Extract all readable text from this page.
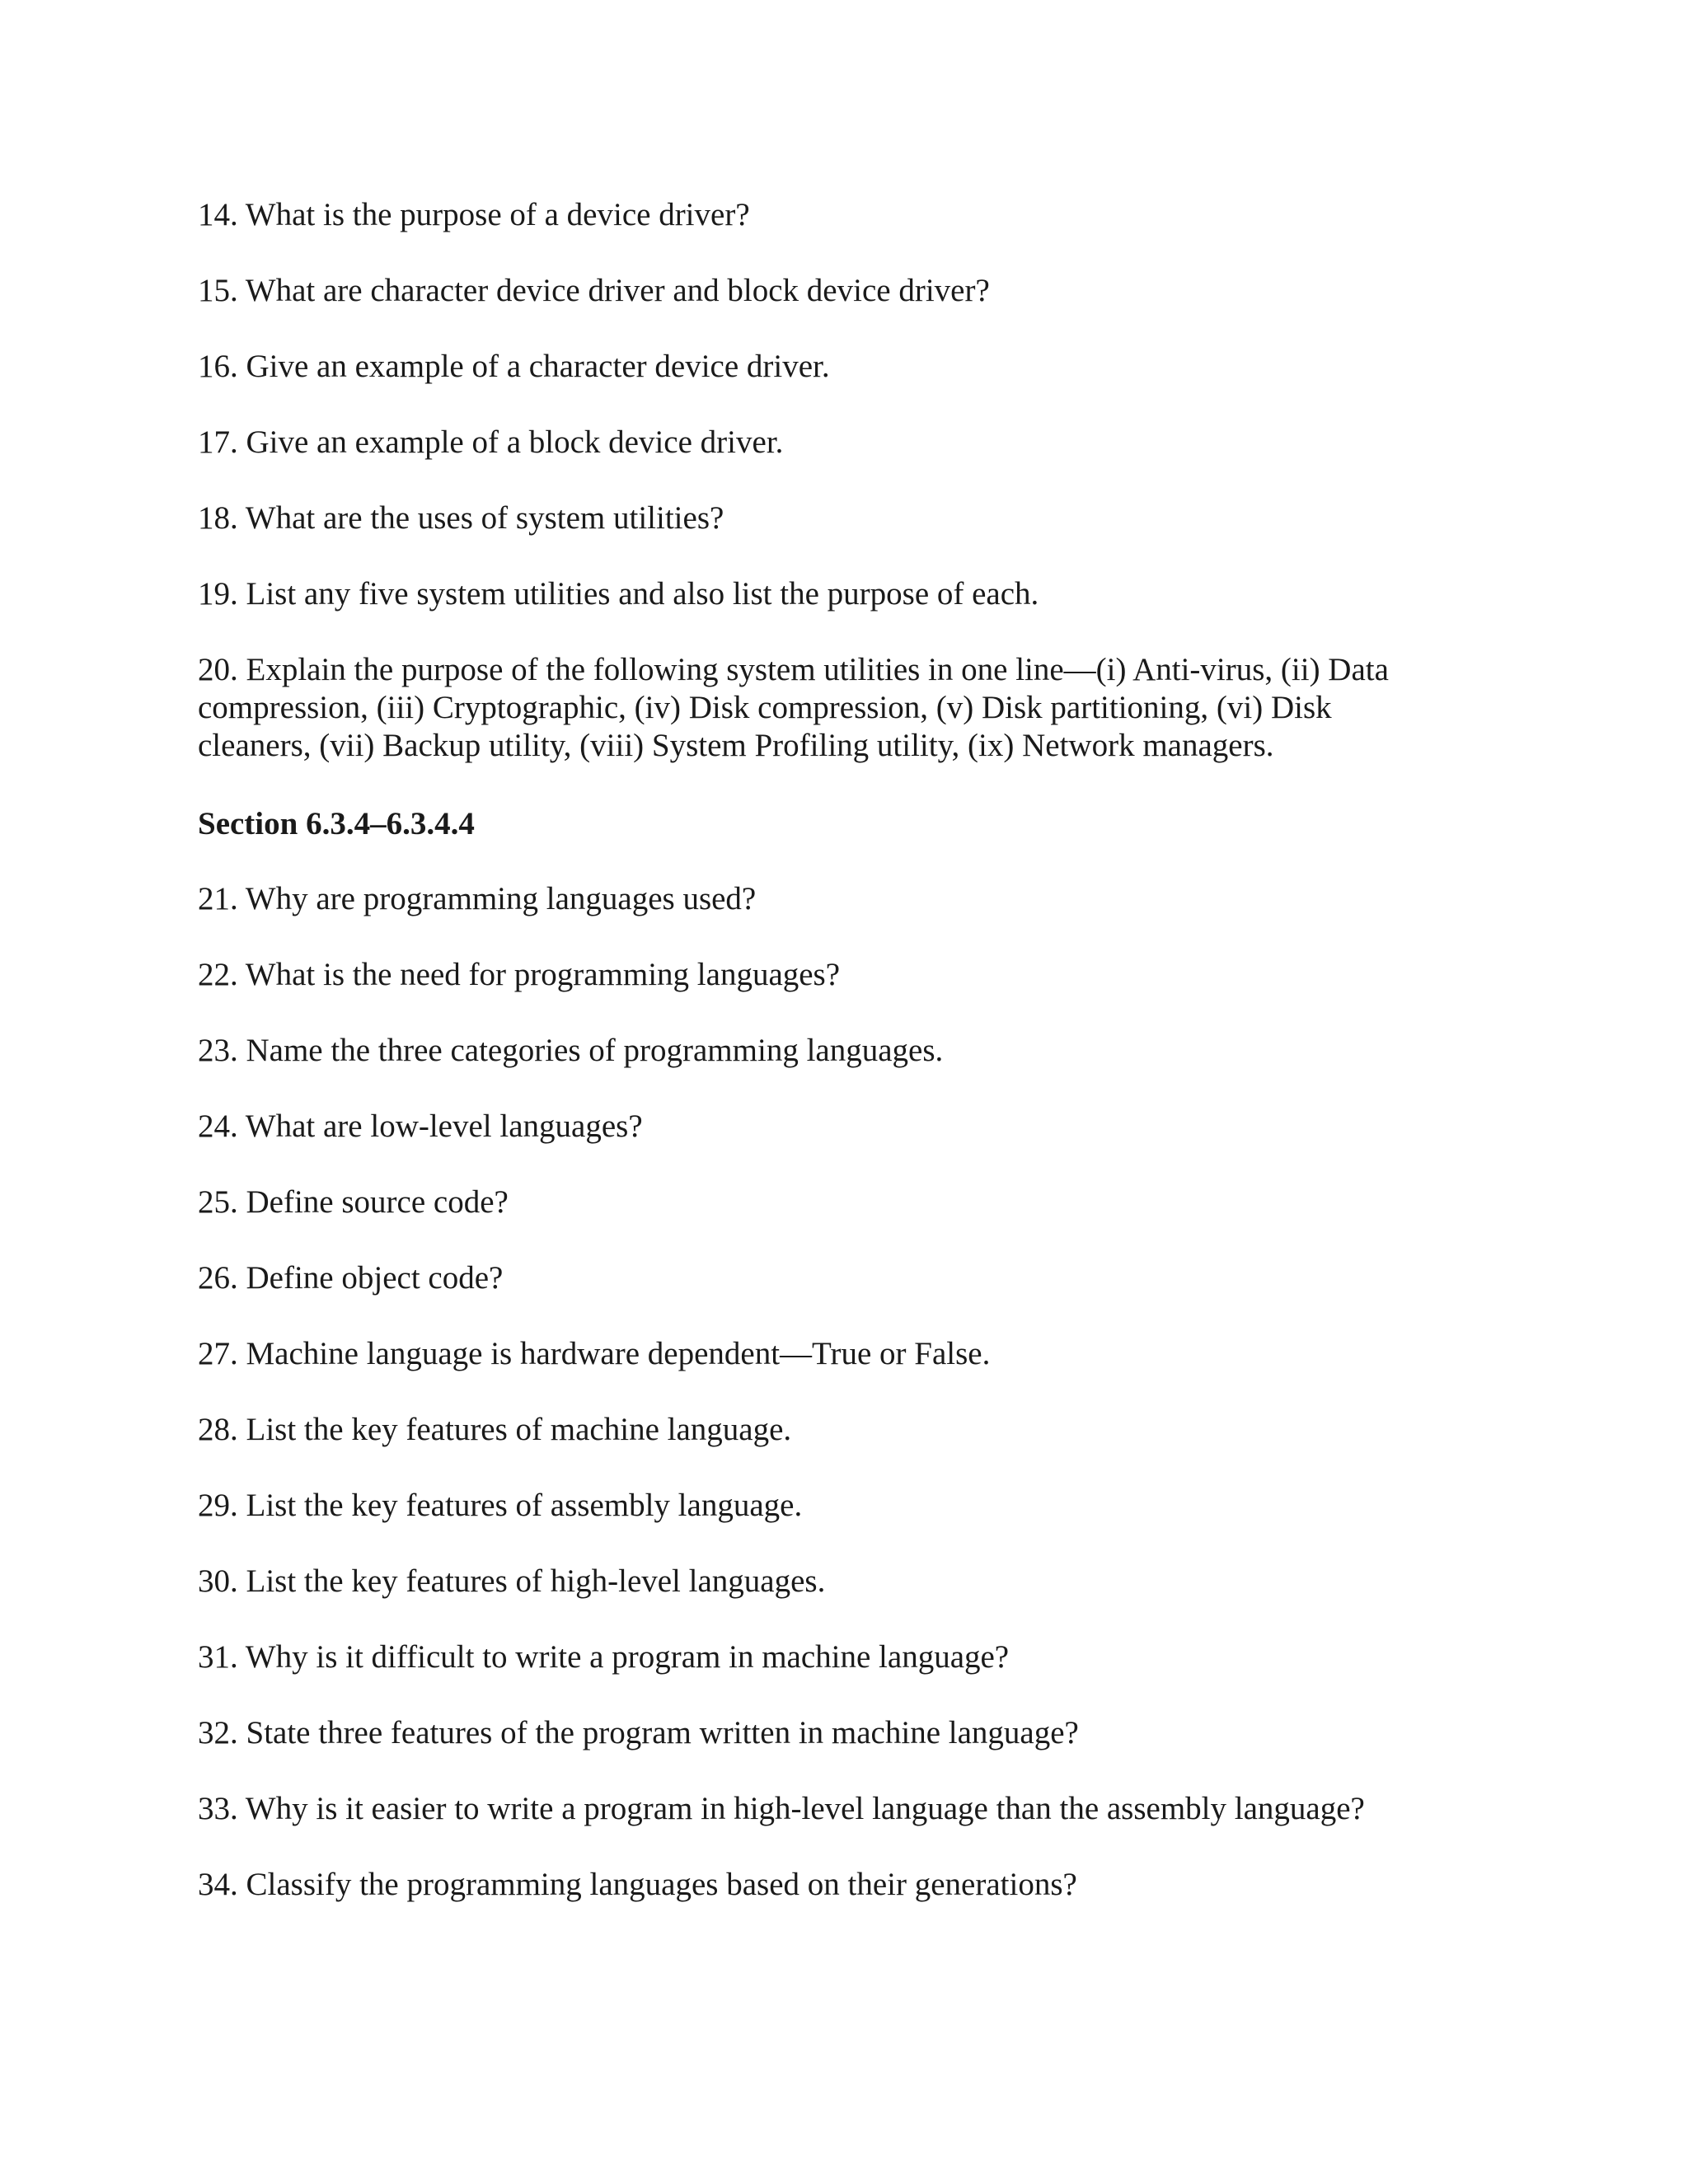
14. What is the purpose of a device driver?

15. What are character device driver and block device driver?

16. Give an example of a character device driver.

17. Give an example of a block device driver.

18. What are the uses of system utilities?

19. List any five system utilities and also list the purpose of each.

20. Explain the purpose of the following system utilities in one line—(i) Anti-virus, (ii) Data
compression, (iii) Cryptographic, (iv) Disk compression, (v) Disk partitioning, (vi) Disk
cleaners, (vii) Backup utility, (viii) System Profiling utility, (ix) Network managers.

Section 6.3.4–6.3.4.4

21. Why are programming languages used?

22. What is the need for programming languages?

23. Name the three categories of programming languages.

24. What are low-level languages?

25. Define source code?

26. Define object code?

27. Machine language is hardware dependent—True or False.

28. List the key features of machine language.

29. List the key features of assembly language.

30. List the key features of high-level languages.

31. Why is it difficult to write a program in machine language?

32. State three features of the program written in machine language?

33. Why is it easier to write a program in high-level language than the assembly language?

34. Classify the programming languages based on their generations?
